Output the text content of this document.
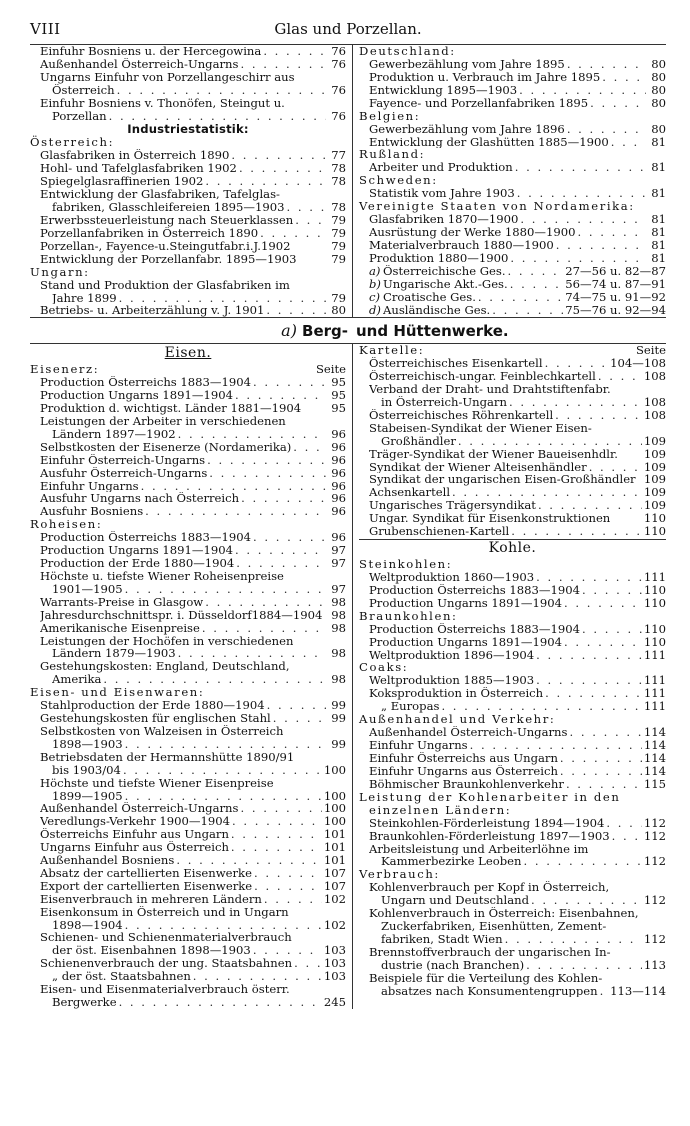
VIII	Glas und Porzellan.
Einfuhr Bosniens u. der Hercegowina . . .	76
Außenhandel Österreich-Ungarns . . .	76
Ungarns Einfuhr von Porzellangeschirr aus
Österreich . . .	76
Einfuhr Bosniens v. Thonöfen, Steingut u.
Porzellan . . .	76
Industriestatistik:
Österreich:
Glasfabriken in Österreich 1890 . . .	77
Hohl- und Tafelglasfabriken 1902 . . .	78
Spiegelglasraffinerien 1902 . . .	78
Entwicklung der Glasfabriken, Tafelglas-
fabriken, Glasschleifereien 1895—1903 . . .	78
Erwerbssteuerleistung nach Steuerklassen . . .	79
Porzellanfabriken in Österreich 1890 . . .	79
Porzellan-, Fayence-u.Steingutfabr.i.J.1902	79
Entwicklung der Porzellanfabr. 1895—1903	79
Ungarn:
Stand und Produktion der Glasfabriken im
Jahre 1899 . . .	79
Betriebs- u. Arbeiterzählung v. J. 1901 . . .	80
Deutschland:
Gewerbezählung vom Jahre 1895 . . .	80
Produktion u. Verbrauch im Jahre 1895 . . .	80
Entwicklung 1895—1903 . . .	80
Fayence- und Porzellanfabriken 1895 . . .	80
Belgien:
Gewerbezählung vom Jahre 1896 . . .	80
Entwicklung der Glashütten 1885—1900 . . .	81
Rußland:
Arbeiter und Produktion . . .	81
Schweden:
Statistik vom Jahre 1903 . . .	81
Vereinigte Staaten von Nordamerika:
Glasfabriken 1870—1900 . . .	81
Ausrüstung der Werke 1880—1900 . . .	81
Materialverbrauch 1880—1900 . . .	81
Produktion 1880—1900 . . .	81
a) Österreichische Ges. . . .	27—56 u. 82—87
b) Ungarische Akt.-Ges. . . .	56—74 u. 87—91
c) Croatische Ges. . . .	74—75 u. 91—92
d) Ausländische Ges. . . .	75—76 u. 92—94
a) Berg- und Hüttenwerke.
Eisen.
Eisenerz:	Seite
Production Österreichs 1883—1904 . . .	95
Production Ungarns 1891—1904 . . .	95
Produktion d. wichtigst. Länder 1881—1904	95
Leistungen der Arbeiter in verschiedenen
Ländern 1897—1902 . . .	96
Selbstkosten der Eisenerze (Nordamerika) . . .	96
Einfuhr Österreich-Ungarns . . .	96
Ausfuhr Österreich-Ungarns . . .	96
Einfuhr Ungarns . . .	96
Ausfuhr Ungarns nach Österreich . . .	96
Ausfuhr Bosniens . . .	96
Roheisen:
Production Österreichs 1883—1904 . . .	96
Production Ungarns 1891—1904 . . .	97
Production der Erde 1880—1904 . . .	97
Höchste u. tiefste Wiener Roheisenpreise
1901—1905 . . .	97
Warrants-Preise in Glasgow . . .	98
Jahresdurchschnittspr. i. Düsseldorf1884—1904 98
Amerikanische Eisenpreise . . .	98
Leistungen der Hochöfen in verschiedenen
Ländern 1879—1903 . . .	98
Gestehungskosten: England, Deutschland,
Amerika . . .	98
Eisen- und Eisenwaren:
Stahlproduction der Erde 1880—1904 . . .	99
Gestehungskosten für englischen Stahl . . .	99
Selbstkosten von Walzeisen in Österreich
1898—1903 . . .	99
Betriebsdaten der Hermannshütte 1890/91
bis 1903/04 . . .	100
Höchste und tiefste Wiener Eisenpreise
1899—1905 . . .	100
Außenhandel Österreich-Ungarns . . .	100
Veredlungs-Verkehr 1900—1904 . . .	100
Österreichs Einfuhr aus Ungarn . . .	101
Ungarns Einfuhr aus Österreich . . .	101
Außenhandel Bosniens . . .	101
Absatz der cartellierten Eisenwerke . . .	107
Export der cartellierten Eisenwerke . . .	107
Eisenverbrauch in mehreren Ländern . . .	102
Eisenkonsum in Österreich und in Ungarn
1898—1904 . . .	102
Schienen- und Schienenmaterialverbrauch
der öst. Eisenbahnen 1898—1903 . . .	103
Schienenverbrauch der ung. Staatsbahnen . . .	103
„ der öst. Staatsbahnen . . .	103
Eisen- und Eisenmaterialverbrauch österr.
Bergwerke . . .	245
Kartelle:	Seite
Österreichisches Eisenkartell . . .	104—108
Österreichisch-ungar. Feinblechkartell . . .	108
Verband der Draht- und Drahtstiftenfabr.
in Österreich-Ungarn . . .	108
Österreichisches Röhrenkartell . . .	108
Stabeisen-Syndikat der Wiener Eisen-
Großhändler . . .	109
Träger-Syndikat der Wiener Baueisenhdlr. 109
Syndikat der Wiener Alteisenhändler . . .	109
Syndikat der ungarischen Eisen-Großhändler 109
Achsenkartell . . .	109
Ungarisches Trägersyndikat . . .	109
Ungar. Syndikat für Eisenkonstruktionen	110
Grubenschienen-Kartell . . .	110
Kohle.
Steinkohlen:
Weltproduktion 1860—1903 . . .	111
Production Österreichs 1883—1904 . . .	110
Production Ungarns 1891—1904 . . .	110
Braunkohlen:
Production Österreichs 1883—1904 . . .	110
Production Ungarns 1891—1904 . . .	110
Weltproduktion 1896—1904 . . .	111
Coaks:
Weltproduktion 1885—1903 . . .	111
Koksproduktion in Österreich . . .	111
„ Europas . . .	111
Außenhandel und Verkehr:
Außenhandel Österreich-Ungarns . . .	114
Einfuhr Ungarns . . .	114
Einfuhr Österreichs aus Ungarn . . .	114
Einfuhr Ungarns aus Österreich . . .	114
Böhmischer Braunkohlenverkehr . . .	115
Leistung der Kohlenarbeiter in den
einzelnen Ländern:
Steinkohlen-Förderleistung 1894—1904 . . .	112
Braunkohlen-Förderleistung 1897—1903 . . .	112
Arbeitsleistung und Arbeiterlöhne im
Kammerbezirke Leoben . . .	112
Verbrauch:
Kohlenverbrauch per Kopf in Österreich,
Ungarn und Deutschland . . .	112
Kohlenverbrauch in Österreich: Eisenbahnen,
Zuckerfabriken, Eisenhütten, Zement-
fabriken, Stadt Wien . . .	112
Brennstoffverbrauch der ungarischen In-
dustrie (nach Branchen) . . .	113
Beispiele für die Verteilung des Kohlen-
absatzes nach Konsumentengruppen . . . 113—114
